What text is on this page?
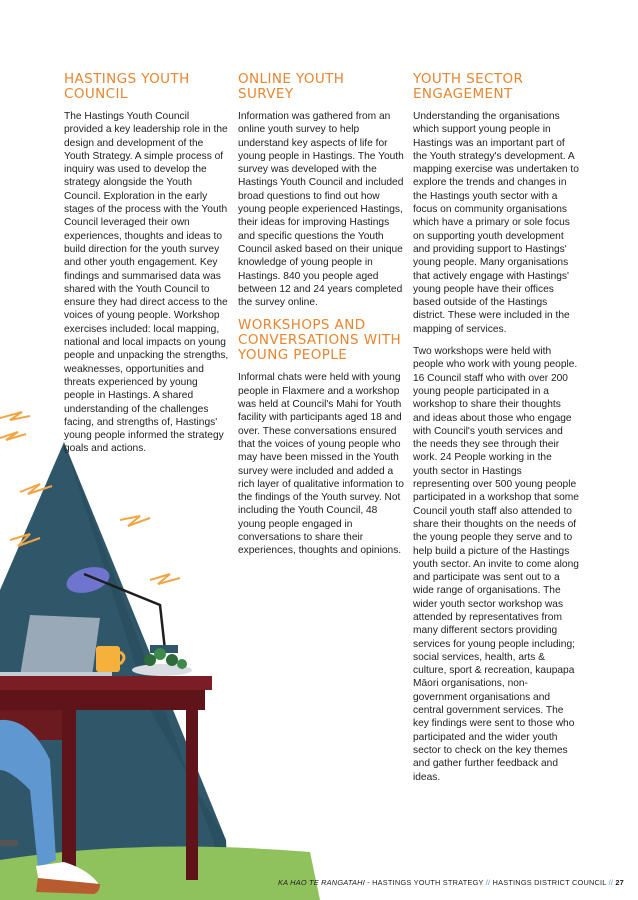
HASTINGS YOUTH COUNCIL

The Hastings Youth Council provided a key leadership role in the design and development of the Youth Strategy. A simple process of inquiry was used to develop the strategy alongside the Youth Council. Exploration in the early stages of the process with the Youth Council leveraged their own experiences, thoughts and ideas to build direction for the youth survey and other youth engagement. Key findings and summarised data was shared with the Youth Council to ensure they had direct access to the voices of young people. Workshop exercises included: local mapping, national and local impacts on young people and unpacking the strengths, weaknesses, opportunities and threats experienced by young people in Hastings. A shared understanding of the challenges facing, and strengths of, Hastings' young people informed the strategy goals and actions.

ONLINE YOUTH SURVEY

Information was gathered from an online youth survey to help understand key aspects of life for young people in Hastings. The Youth survey was developed with the Hastings Youth Council and included broad questions to find out how young people experienced Hastings, their ideas for improving Hastings and specific questions the Youth Council asked based on their unique knowledge of young people in Hastings. 840 you people aged between 12 and 24 years completed the survey online.

WORKSHOPS AND CONVERSATIONS WITH YOUNG PEOPLE

Informal chats were held with young people in Flaxmere and a workshop was held at Council's Mahi for Youth facility with participants aged 18 and over. These conversations ensured that the voices of young people who may have been missed in the Youth survey were included and added a rich layer of qualitative information to the findings of the Youth survey. Not including the Youth Council, 48 young people engaged in conversations to share their experiences, thoughts and opinions.

YOUTH SECTOR ENGAGEMENT

Understanding the organisations which support young people in Hastings was an important part of the Youth strategy's development. A mapping exercise was undertaken to explore the trends and changes in the Hastings youth sector with a focus on community organisations which have a primary or sole focus on supporting youth development and providing support to Hastings' young people. Many organisations that actively engage with Hastings' young people have their offices based outside of the Hastings district. These were included in the mapping of services.

Two workshops were held with people who work with young people. 16 Council staff who with over 200 young people participated in a workshop to share their thoughts and ideas about those who engage with Council's youth services and the needs they see through their work. 24 People working in the youth sector in Hastings representing over 500 young people participated in a workshop that some Council youth staff also attended to share their thoughts on the needs of the young people they serve and to help build a picture of the Hastings youth sector. An invite to come along and participate was sent out to a wide range of organisations. The wider youth sector workshop was attended by representatives from many different sectors providing services for young people including; social services, health, arts & culture, sport & recreation, kaupapa Māori organisations, non-government organisations and central government services. The key findings were sent to those who participated and the wider youth sector to check on the key themes and gather further feedback and ideas.

KA HAO TE RANGATAHI - HASTINGS YOUTH STRATEGY // HASTINGS DISTRICT COUNCIL // 27
